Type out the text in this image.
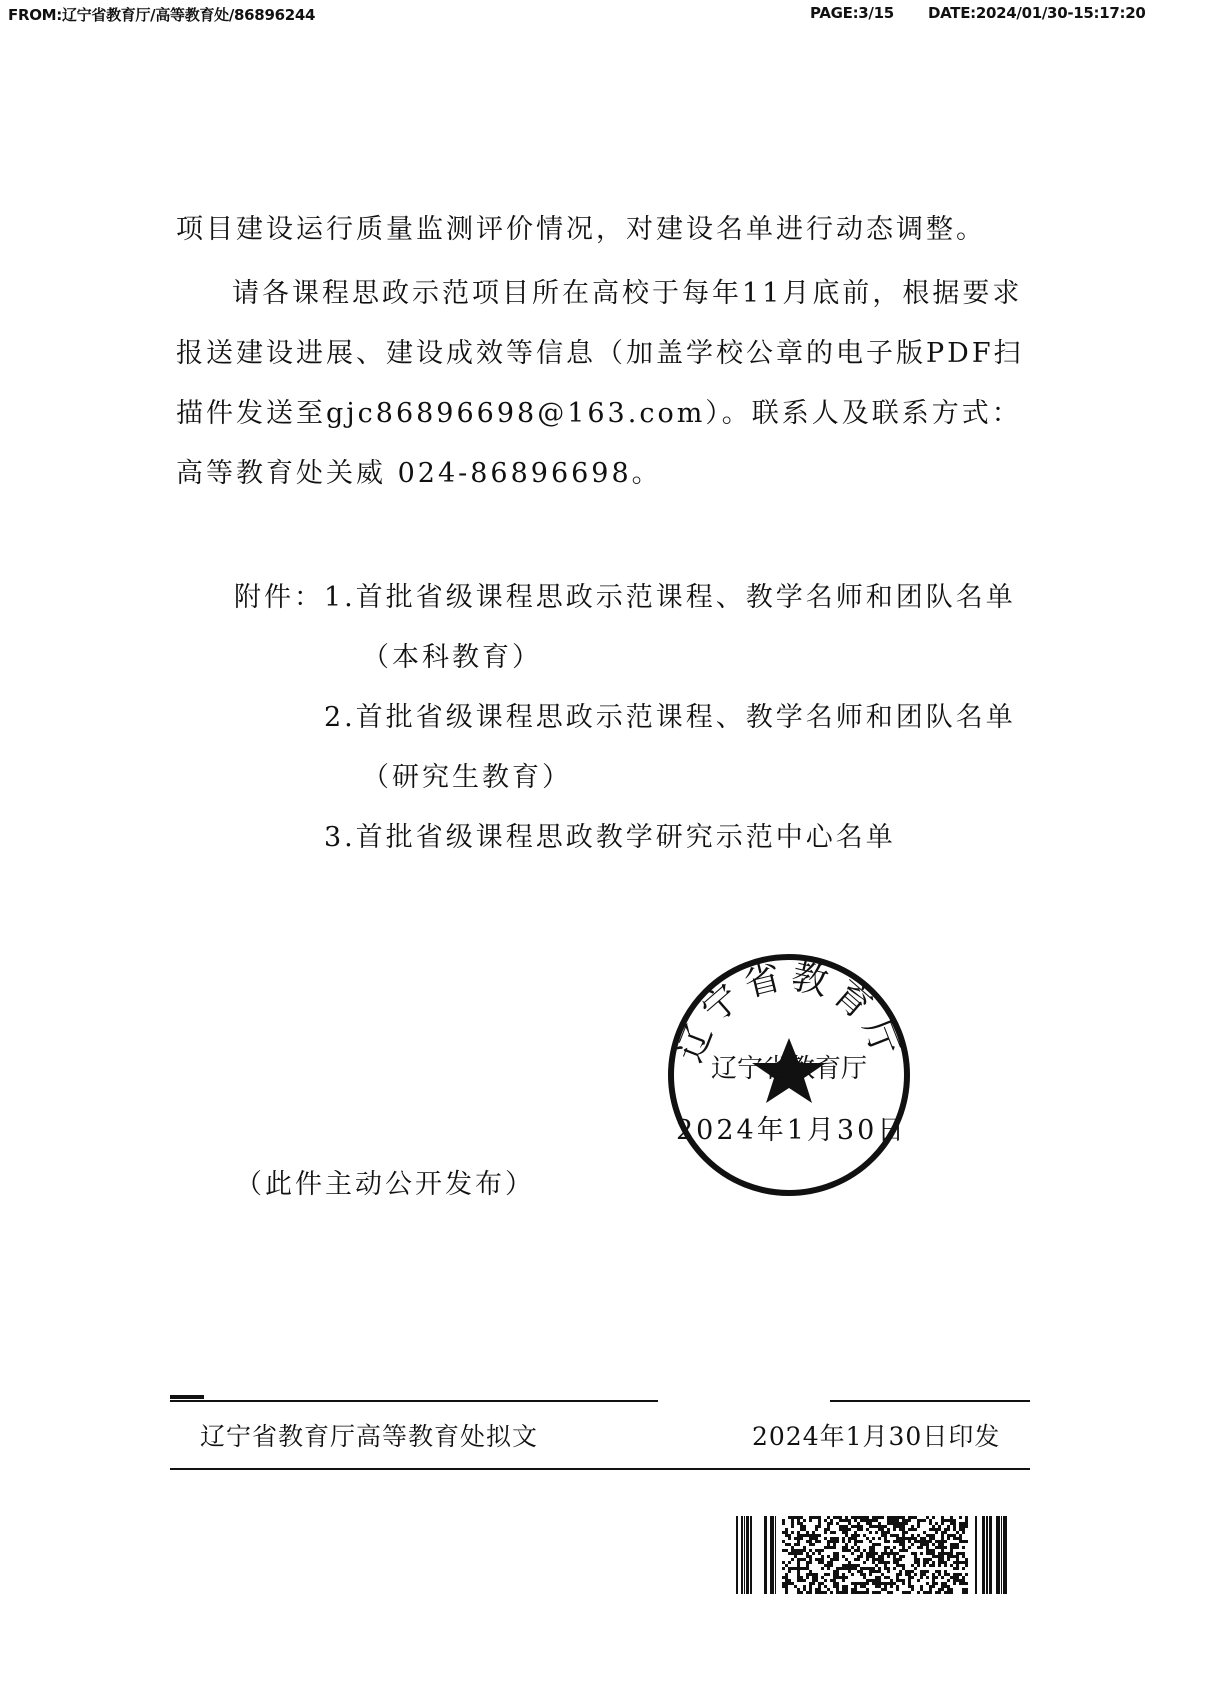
FROM:辽宁省教育厅/高等教育处/86896244	PAGE:3/15 DATE:2024/01/30-15:17:20
项目建设运行质量监测评价情况，对建设名单进行动态调整。
请各课程思政示范项目所在高校于每年11月底前，根据要求报送建设进展、建设成效等信息（加盖学校公章的电子版PDF扫描件发送至gjc86896698@163.com）。联系人及联系方式：高等教育处关威 024-86896698。
附件： 1.首批省级课程思政示范课程、教学名师和团队名单
（本科教育）
2.首批省级课程思政示范课程、教学名师和团队名单
（研究生教育）
3.首批省级课程思政教学研究示范中心名单
辽宁省教育厅
辽宁省教育厅
2024年1月30日
（此件主动公开发布）
辽宁省教育厅高等教育处拟文	2024年1月30日印发
